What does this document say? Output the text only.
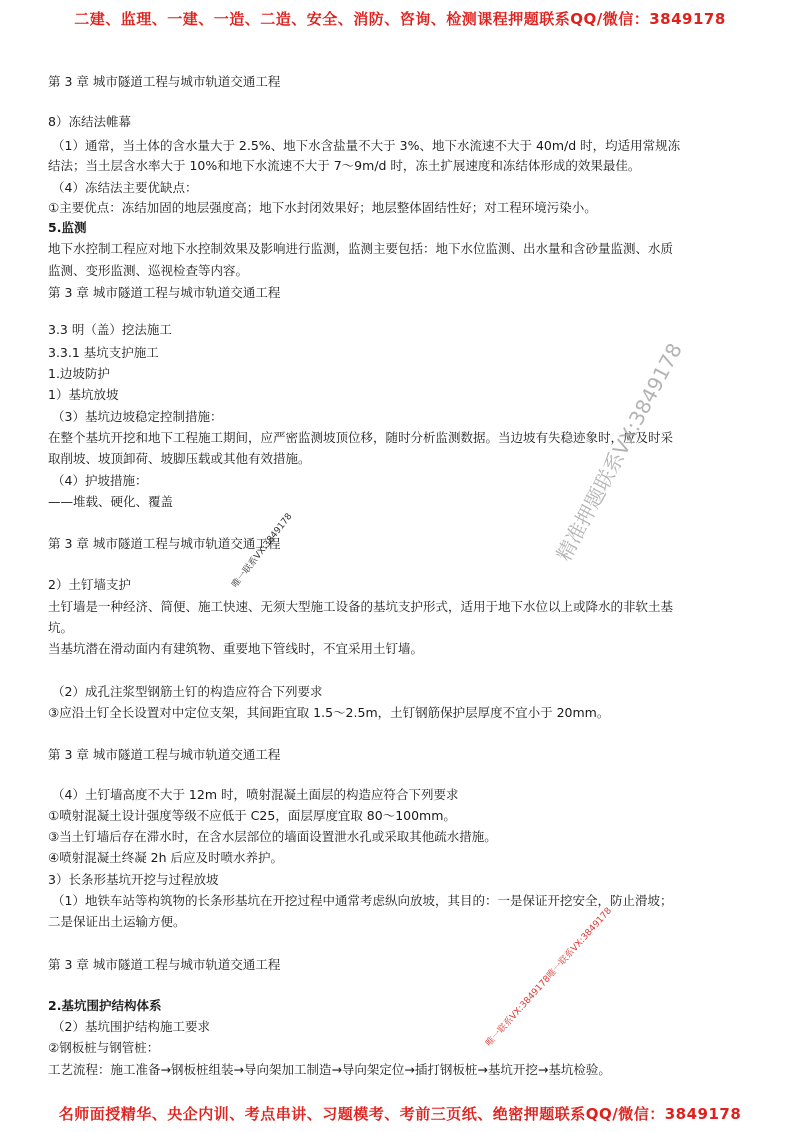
二建、监理、一建、一造、二造、安全、消防、咨询、检测课程押题联系QQ/微信：3849178
第 3 章 城市隧道工程与城市轨道交通工程
8）冻结法帷幕
（1）通常，当土体的含水量大于 2.5%、地下水含盐量不大于 3%、地下水流速不大于 40m/d 时，均适用常规冻
结法；当土层含水率大于 10%和地下水流速不大于 7～9m/d 时，冻土扩展速度和冻结体形成的效果最佳。
（4）冻结法主要优缺点：
①主要优点：冻结加固的地层强度高；地下水封闭效果好；地层整体固结性好；对工程环境污染小。
5.监测
地下水控制工程应对地下水控制效果及影响进行监测，监测主要包括：地下水位监测、出水量和含砂量监测、水质
监测、变形监测、巡视检查等内容。
第 3 章 城市隧道工程与城市轨道交通工程
3.3 明（盖）挖法施工
3.3.1 基坑支护施工
1.边坡防护
1）基坑放坡
（3）基坑边坡稳定控制措施：
在整个基坑开挖和地下工程施工期间，应严密监测坡顶位移，随时分析监测数据。当边坡有失稳迹象时，应及时采
取削坡、坡顶卸荷、坡脚压载或其他有效措施。
（4）护坡措施：
——堆载、硬化、覆盖
第 3 章 城市隧道工程与城市轨道交通工程
2）土钉墙支护
土钉墙是一种经济、简便、施工快速、无须大型施工设备的基坑支护形式，适用于地下水位以上或降水的非软土基
坑。
当基坑潜在滑动面内有建筑物、重要地下管线时，不宜采用土钉墙。
（2）成孔注浆型钢筋土钉的构造应符合下列要求
③应沿土钉全长设置对中定位支架，其间距宜取 1.5～2.5m，土钉钢筋保护层厚度不宜小于 20mm。
第 3 章 城市隧道工程与城市轨道交通工程
（4）土钉墙高度不大于 12m 时，喷射混凝土面层的构造应符合下列要求
①喷射混凝土设计强度等级不应低于 C25，面层厚度宜取 80～100mm。
③当土钉墙后存在滞水时，在含水层部位的墙面设置泄水孔或采取其他疏水措施。
④喷射混凝土终凝 2h 后应及时喷水养护。
3）长条形基坑开挖与过程放坡
（1）地铁车站等构筑物的长条形基坑在开挖过程中通常考虑纵向放坡，其目的：一是保证开挖安全，防止滑坡；
二是保证出土运输方便。
第 3 章 城市隧道工程与城市轨道交通工程
2.基坑围护结构体系
（2）基坑围护结构施工要求
②钢板桩与钢管桩：
工艺流程：施工准备→钢板桩组装→导向架加工制造→导向架定位→插打钢板桩→基坑开挖→基坑检验。
精准押题联系VX:3849178
唯一联系VX:3849178
唯一联系VX:3849178唯一联系VX:3849178
名师面授精华、央企内训、考点串讲、习题模考、考前三页纸、绝密押题联系QQ/微信：3849178
